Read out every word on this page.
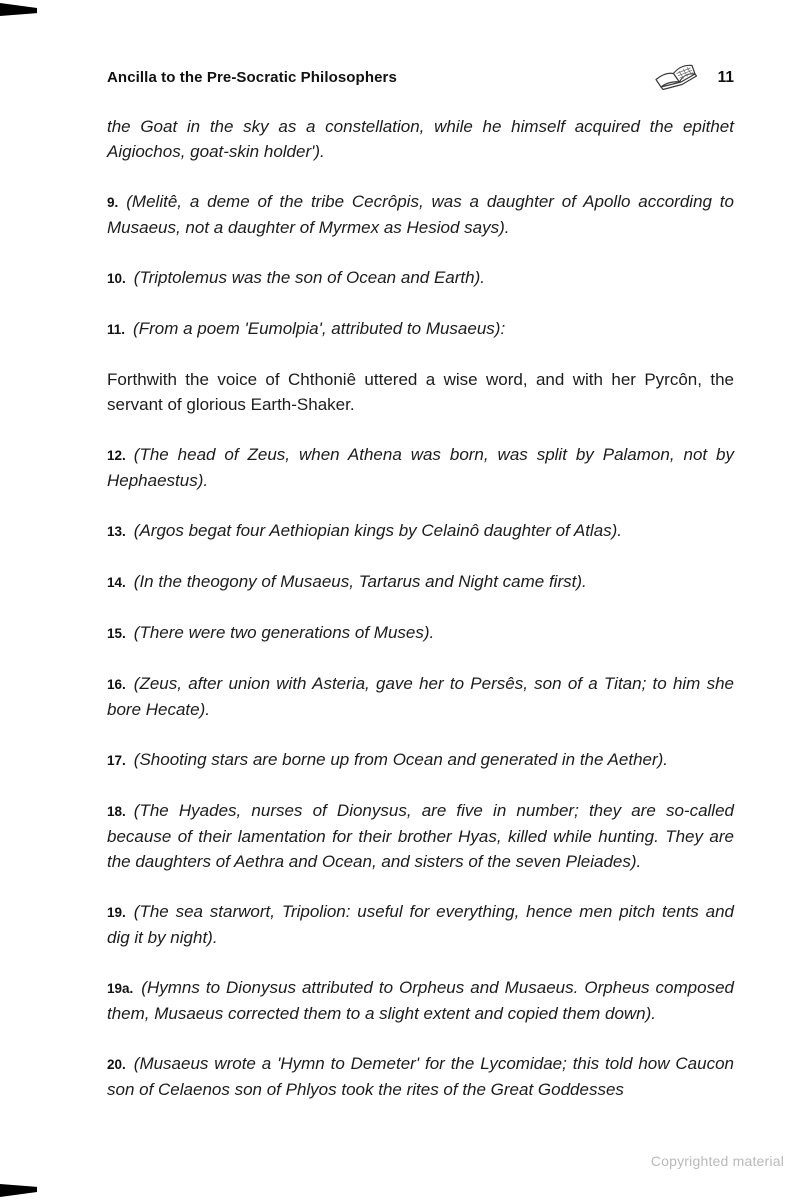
Ancilla to the Pre-Socratic Philosophers	11

the Goat in the sky as a constellation, while he himself acquired the epithet Aigiochos, goat-skin holder').

9. (Melitê, a deme of the tribe Cecrôpis, was a daughter of Apollo according to Musaeus, not a daughter of Myrmex as Hesiod says).

10. (Triptolemus was the son of Ocean and Earth).

11. (From a poem 'Eumolpia', attributed to Musaeus):

Forthwith the voice of Chthoniê uttered a wise word, and with her Pyrcôn, the servant of glorious Earth-Shaker.

12. (The head of Zeus, when Athena was born, was split by Palamon, not by Hephaestus).

13. (Argos begat four Aethiopian kings by Celainô daughter of Atlas).

14. (In the theogony of Musaeus, Tartarus and Night came first).

15. (There were two generations of Muses).

16. (Zeus, after union with Asteria, gave her to Persês, son of a Titan; to him she bore Hecate).

17. (Shooting stars are borne up from Ocean and generated in the Aether).

18. (The Hyades, nurses of Dionysus, are five in number; they are so-called because of their lamentation for their brother Hyas, killed while hunting. They are the daughters of Aethra and Ocean, and sisters of the seven Pleiades).

19. (The sea starwort, Tripolion: useful for everything, hence men pitch tents and dig it by night).

19a. (Hymns to Dionysus attributed to Orpheus and Musaeus. Orpheus composed them, Musaeus corrected them to a slight extent and copied them down).

20. (Musaeus wrote a 'Hymn to Demeter' for the Lycomidae; this told how Caucon son of Celaenos son of Phlyos took the rites of the Great Goddesses

Copyrighted material
